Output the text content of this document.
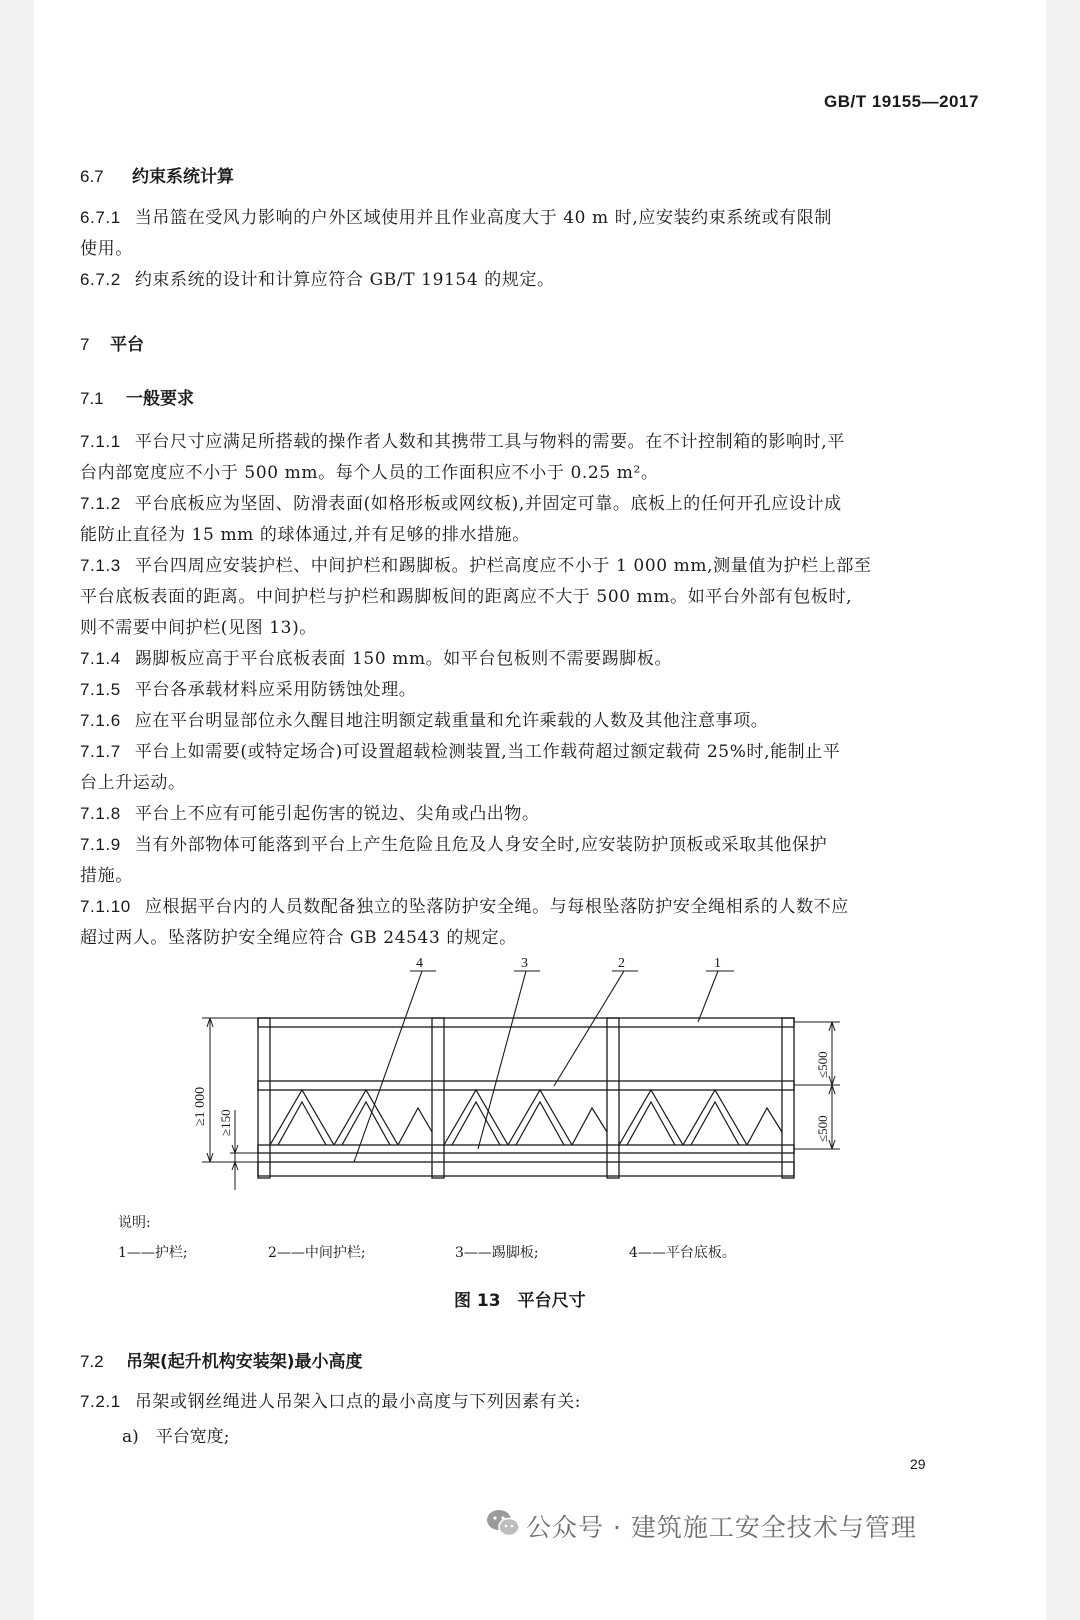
GB/T 19155—2017
6.7 约束系统计算
6.7.1 当吊篮在受风力影响的户外区域使用并且作业高度大于 40 m 时,应安装约束系统或有限制
使用。
6.7.2 约束系统的设计和计算应符合 GB/T 19154 的规定。
7 平台
7.1 一般要求
7.1.1 平台尺寸应满足所搭载的操作者人数和其携带工具与物料的需要。在不计控制箱的影响时,平
台内部宽度应不小于 500 mm。每个人员的工作面积应不小于 0.25 m²。
7.1.2 平台底板应为坚固、防滑表面(如格形板或网纹板),并固定可靠。底板上的任何开孔应设计成
能防止直径为 15 mm 的球体通过,并有足够的排水措施。
7.1.3 平台四周应安装护栏、中间护栏和踢脚板。护栏高度应不小于 1 000 mm,测量值为护栏上部至
平台底板表面的距离。中间护栏与护栏和踢脚板间的距离应不大于 500 mm。如平台外部有包板时,
则不需要中间护栏(见图 13)。
7.1.4 踢脚板应高于平台底板表面 150 mm。如平台包板则不需要踢脚板。
7.1.5 平台各承载材料应采用防锈蚀处理。
7.1.6 应在平台明显部位永久醒目地注明额定载重量和允许乘载的人数及其他注意事项。
7.1.7 平台上如需要(或特定场合)可设置超载检测装置,当工作载荷超过额定载荷 25%时,能制止平
台上升运动。
7.1.8 平台上不应有可能引起伤害的锐边、尖角或凸出物。
7.1.9 当有外部物体可能落到平台上产生危险且危及人身安全时,应安装防护顶板或采取其他保护
措施。
7.1.10 应根据平台内的人员数配备独立的坠落防护安全绳。与每根坠落防护安全绳相系的人数不应
超过两人。坠落防护安全绳应符合 GB 24543 的规定。
4	3	2	1
≥1 000 ≥150
≤500
≤500
说明:
1——护栏;	2——中间护栏;	3——踢脚板;	4——平台底板。
图 13　平台尺寸
7.2 吊架(起升机构安装架)最小高度
7.2.1 吊架或钢丝绳进人吊架入口点的最小高度与下列因素有关:
a)　平台宽度;
29
公众号 · 建筑施工安全技术与管理
